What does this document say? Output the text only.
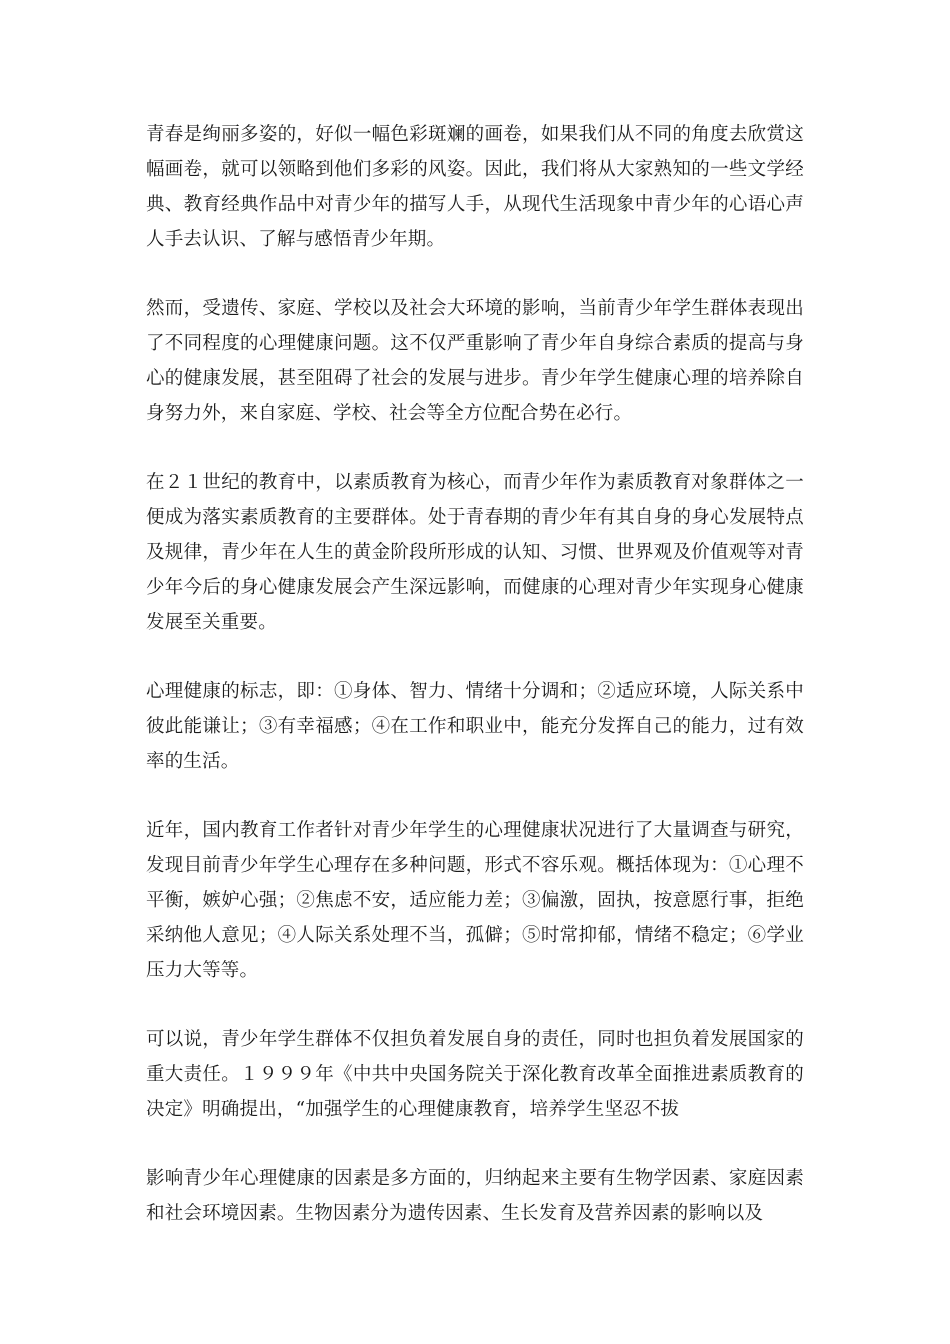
青春是绚丽多姿的，好似一幅色彩斑斓的画卷，如果我们从不同的角度去欣赏这幅画卷，就可以领略到他们多彩的风姿。因此，我们将从大家熟知的一些文学经典、教育经典作品中对青少年的描写人手，从现代生活现象中青少年的心语心声人手去认识、了解与感悟青少年期。

然而，受遗传、家庭、学校以及社会大环境的影响，当前青少年学生群体表现出了不同程度的心理健康问题。这不仅严重影响了青少年自身综合素质的提高与身心的健康发展，甚至阻碍了社会的发展与进步。青少年学生健康心理的培养除自身努力外，来自家庭、学校、社会等全方位配合势在必行。

在２１世纪的教育中，以素质教育为核心，而青少年作为素质教育对象群体之一便成为落实素质教育的主要群体。处于青春期的青少年有其自身的身心发展特点及规律，青少年在人生的黄金阶段所形成的认知、习惯、世界观及价值观等对青少年今后的身心健康发展会产生深远影响，而健康的心理对青少年实现身心健康发展至关重要。

心理健康的标志，即：①身体、智力、情绪十分调和；②适应环境，人际关系中彼此能谦让；③有幸福感；④在工作和职业中，能充分发挥自己的能力，过有效率的生活。

近年，国内教育工作者针对青少年学生的心理健康状况进行了大量调查与研究，发现目前青少年学生心理存在多种问题，形式不容乐观。概括体现为：①心理不平衡，嫉妒心强；②焦虑不安，适应能力差；③偏激，固执，按意愿行事，拒绝采纳他人意见；④人际关系处理不当，孤僻；⑤时常抑郁，情绪不稳定；⑥学业压力大等等。

可以说，青少年学生群体不仅担负着发展自身的责任，同时也担负着发展国家的重大责任。１９９９年《中共中央国务院关于深化教育改革全面推进素质教育的决定》明确提出，“加强学生的心理健康教育，培养学生坚忍不拔

影响青少年心理健康的因素是多方面的，归纳起来主要有生物学因素、家庭因素和社会环境因素。生物因素分为遗传因素、生长发育及营养因素的影响以及
